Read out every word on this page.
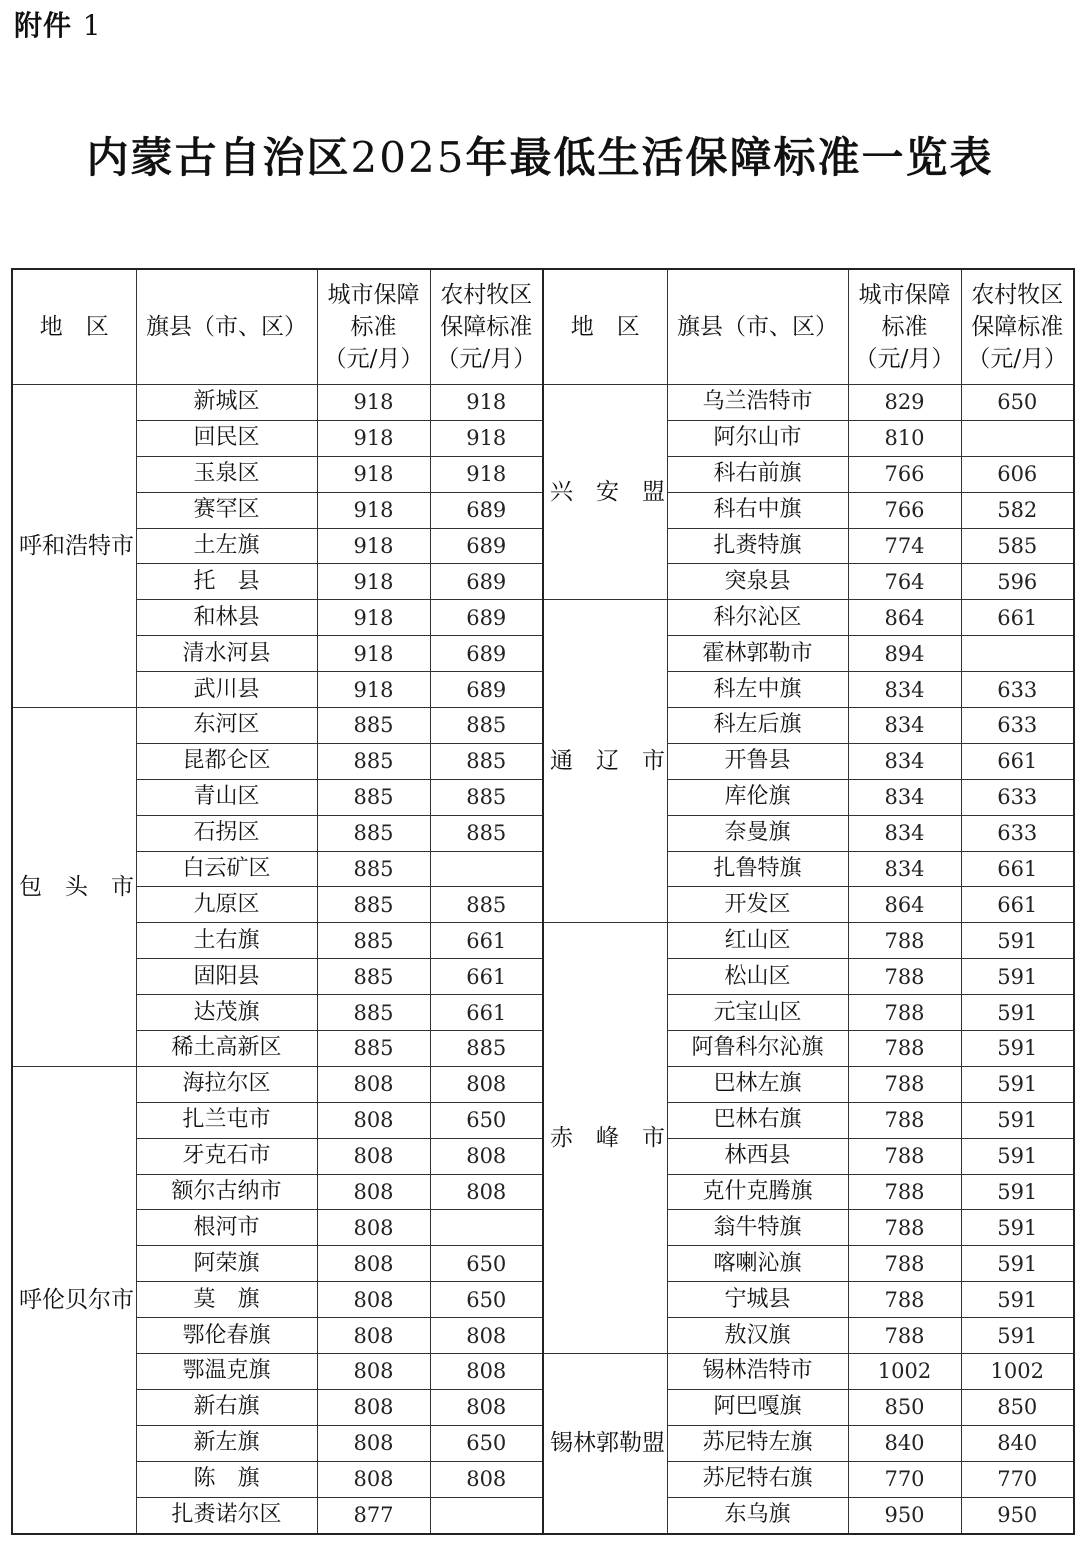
附件 1
内蒙古自治区2025年最低生活保障标准一览表
地　区	旗县（市、区）	城市保障
标准
（元/月）	农村牧区
保障标准
（元/月）	地　区	旗县（市、区）	城市保障
标准
（元/月）	农村牧区
保障标准
（元/月）
呼和浩特市	新城区	918	918	兴　安　盟	乌兰浩特市	829	650
	回民区	918	918		阿尔山市	810	
	玉泉区	918	918		科右前旗	766	606
	赛罕区	918	689		科右中旗	766	582
	土左旗	918	689		扎赉特旗	774	585
	托　县	918	689		突泉县	764	596
	和林县	918	689	通　辽　市	科尔沁区	864	661
	清水河县	918	689		霍林郭勒市	894	
	武川县	918	689		科左中旗	834	633
包　头　市	东河区	885	885		科左后旗	834	633
	昆都仑区	885	885		开鲁县	834	661
	青山区	885	885		库伦旗	834	633
	石拐区	885	885		奈曼旗	834	633
	白云矿区	885			扎鲁特旗	834	661
	九原区	885	885		开发区	864	661
	土右旗	885	661	赤　峰　市	红山区	788	591
	固阳县	885	661		松山区	788	591
	达茂旗	885	661		元宝山区	788	591
	稀土高新区	885	885		阿鲁科尔沁旗	788	591
呼伦贝尔市	海拉尔区	808	808		巴林左旗	788	591
	扎兰屯市	808	650		巴林右旗	788	591
	牙克石市	808	808		林西县	788	591
	额尔古纳市	808	808		克什克腾旗	788	591
	根河市	808			翁牛特旗	788	591
	阿荣旗	808	650		喀喇沁旗	788	591
	莫　旗	808	650		宁城县	788	591
	鄂伦春旗	808	808		敖汉旗	788	591
	鄂温克旗	808	808	锡林郭勒盟	锡林浩特市	1002	1002
	新右旗	808	808		阿巴嘎旗	850	850
	新左旗	808	650		苏尼特左旗	840	840
	陈　旗	808	808		苏尼特右旗	770	770
	扎赉诺尔区	877			东乌旗	950	950
